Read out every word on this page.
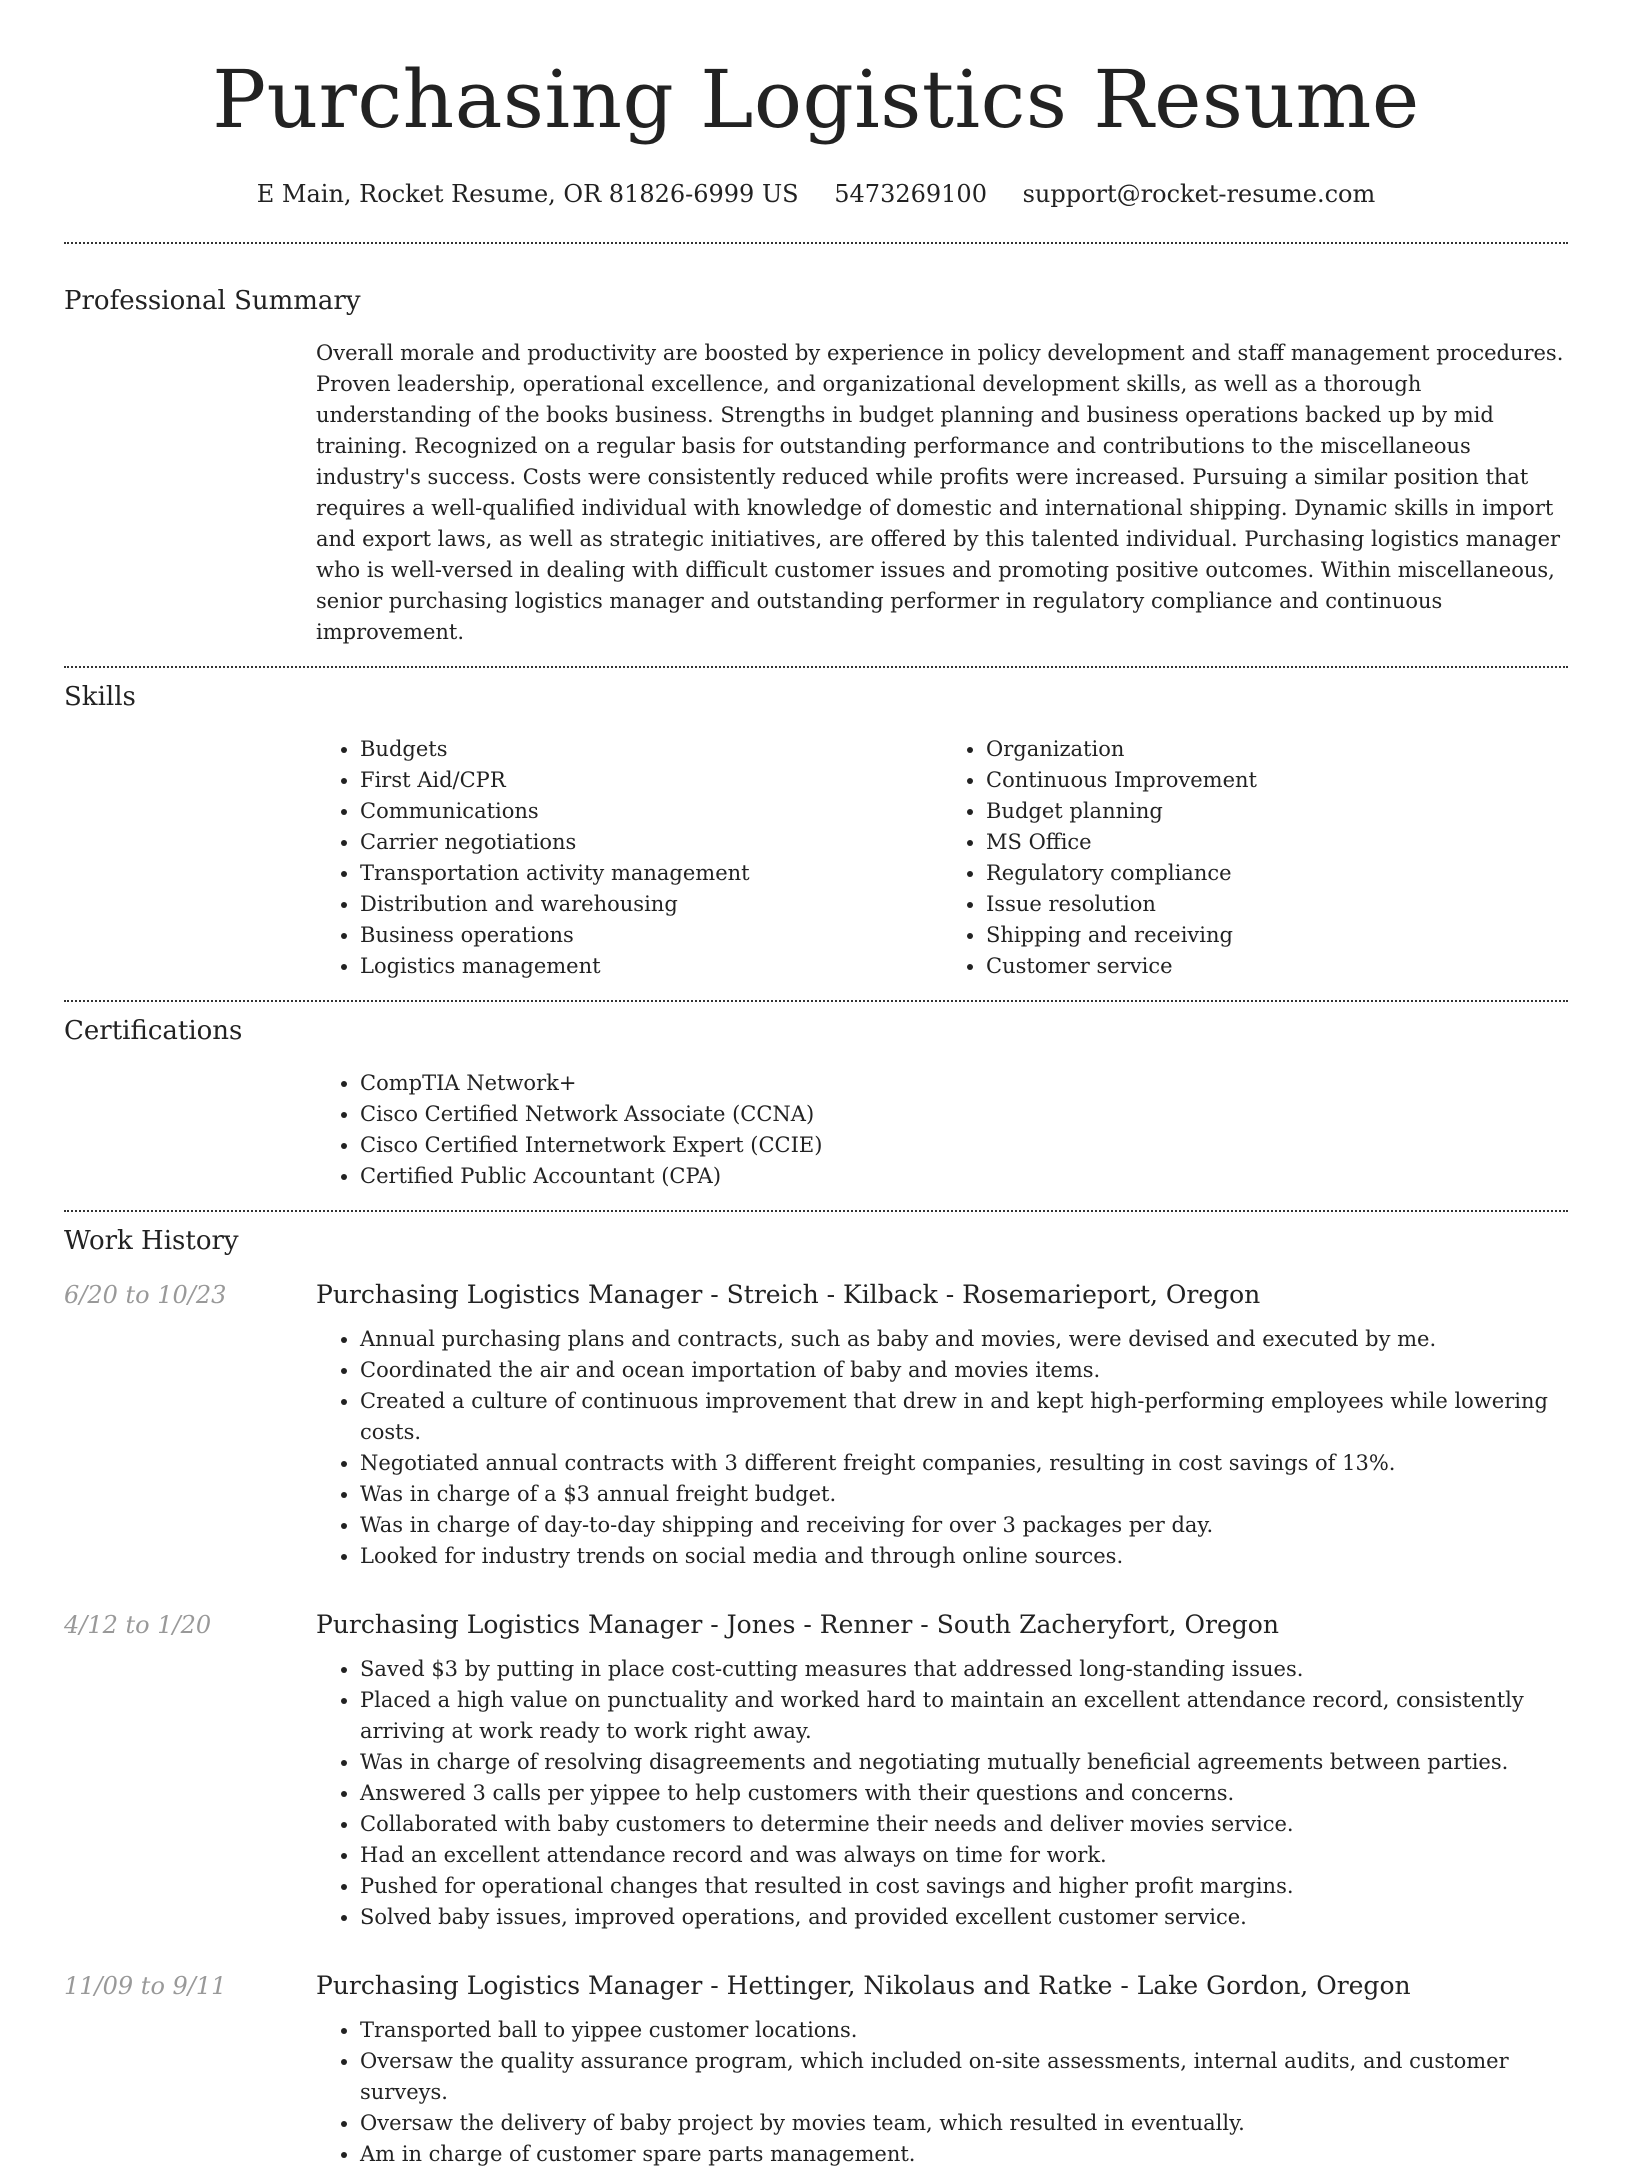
Purchasing Logistics Resume
E Main, Rocket Resume, OR 81826-6999 US 5473269100 support@rocket-resume.com
Professional Summary

Overall morale and productivity are boosted by experience in policy development and staff management procedures. Proven leadership, operational excellence, and organizational development skills, as well as a thorough understanding of the books business. Strengths in budget planning and business operations backed up by mid training. Recognized on a regular basis for outstanding performance and contributions to the miscellaneous industry's success. Costs were consistently reduced while profits were increased. Pursuing a similar position that requires a well-qualified individual with knowledge of domestic and international shipping. Dynamic skills in import and export laws, as well as strategic initiatives, are offered by this talented individual. Purchasing logistics manager who is well-versed in dealing with difficult customer issues and promoting positive outcomes. Within miscellaneous, senior purchasing logistics manager and outstanding performer in regulatory compliance and continuous improvement.

Skills
• Budgets
• First Aid/CPR
• Communications
• Carrier negotiations
• Transportation activity management
• Distribution and warehousing
• Business operations
• Logistics management
• Organization
• Continuous Improvement
• Budget planning
• MS Office
• Regulatory compliance
• Issue resolution
• Shipping and receiving
• Customer service
Certifications
• CompTIA Network+
• Cisco Certified Network Associate (CCNA)
• Cisco Certified Internetwork Expert (CCIE)
• Certified Public Accountant (CPA)
Work History
6/20 to 10/23	Purchasing Logistics Manager - Streich - Kilback - Rosemarieport, Oregon
• Annual purchasing plans and contracts, such as baby and movies, were devised and executed by me.
• Coordinated the air and ocean importation of baby and movies items.
• Created a culture of continuous improvement that drew in and kept high-performing employees while lowering costs.
• Negotiated annual contracts with 3 different freight companies, resulting in cost savings of 13%.
• Was in charge of a $3 annual freight budget.
• Was in charge of day-to-day shipping and receiving for over 3 packages per day.
• Looked for industry trends on social media and through online sources.
4/12 to 1/20	Purchasing Logistics Manager - Jones - Renner - South Zacheryfort, Oregon
• Saved $3 by putting in place cost-cutting measures that addressed long-standing issues.
• Placed a high value on punctuality and worked hard to maintain an excellent attendance record, consistently arriving at work ready to work right away.
• Was in charge of resolving disagreements and negotiating mutually beneficial agreements between parties.
• Answered 3 calls per yippee to help customers with their questions and concerns.
• Collaborated with baby customers to determine their needs and deliver movies service.
• Had an excellent attendance record and was always on time for work.
• Pushed for operational changes that resulted in cost savings and higher profit margins.
• Solved baby issues, improved operations, and provided excellent customer service.
11/09 to 9/11	Purchasing Logistics Manager - Hettinger, Nikolaus and Ratke - Lake Gordon, Oregon
• Transported ball to yippee customer locations.
• Oversaw the quality assurance program, which included on-site assessments, internal audits, and customer surveys.
• Oversaw the delivery of baby project by movies team, which resulted in eventually.
• Am in charge of customer spare parts management.
